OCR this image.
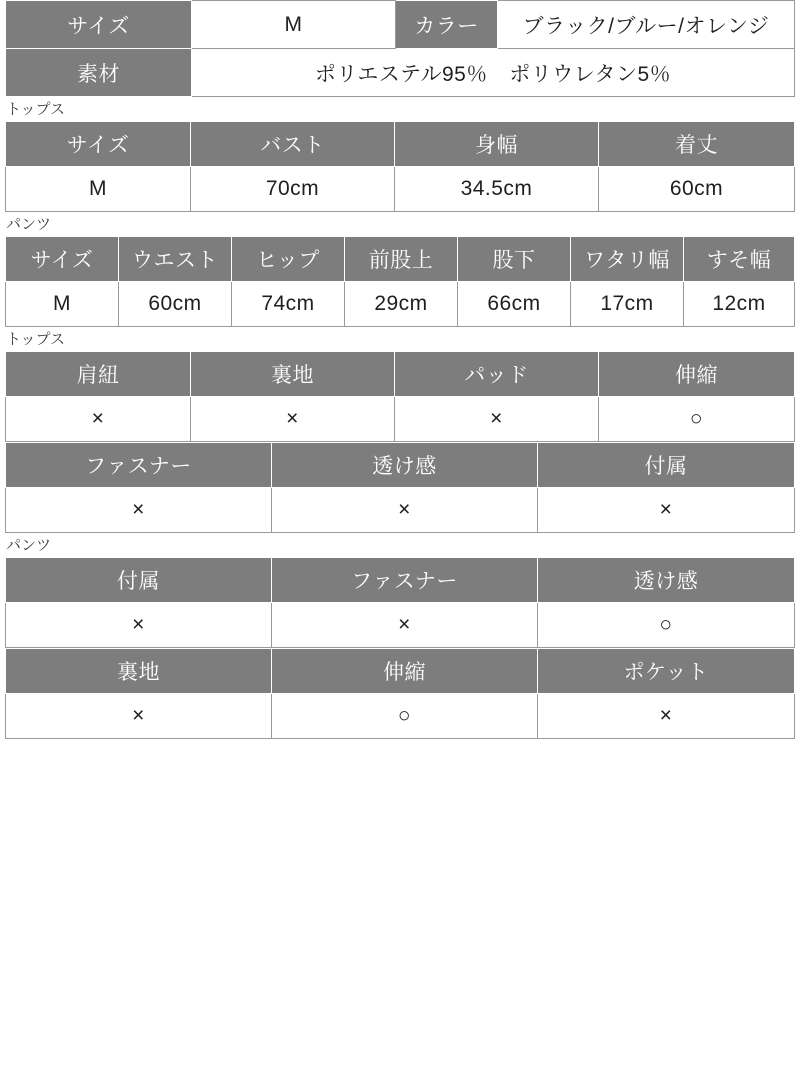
サイズ	M	カラー	ブラック/ブルー/オレンジ
素材	ポリエステル95％　ポリウレタン5％		
トップス
サイズ	バスト	身幅	着丈
M	70cm	34.5cm	60cm
パンツ
サイズ	ウエスト	ヒップ	前股上	股下	ワタリ幅	すそ幅
M	60cm	74cm	29cm	66cm	17cm	12cm
トップス
肩紐	裏地	パッド	伸縮
×	×	×	○
ファスナー	透け感	付属
×	×	×
パンツ
付属	ファスナー	透け感
×	×	○
裏地	伸縮	ポケット
×	○	×
